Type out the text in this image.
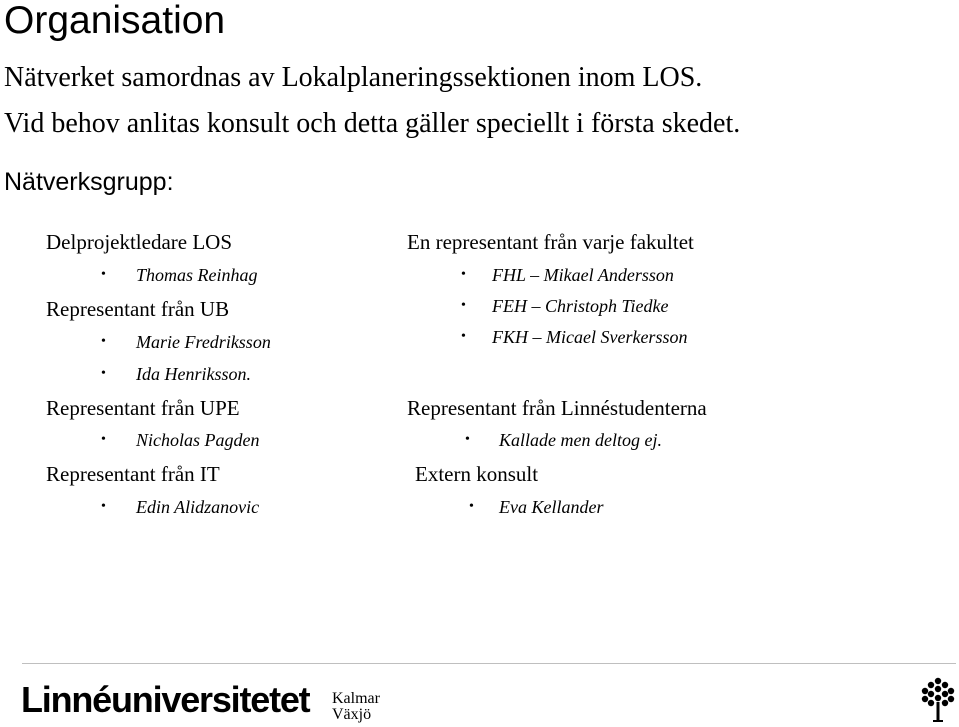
Organisation
Nätverket samordnas av Lokalplaneringssektionen inom LOS.
Vid behov anlitas konsult och detta gäller speciellt i första skedet.
Nätverksgrupp:
Delprojektledare LOS
• Thomas Reinhag
Representant från UB
• Marie Fredriksson
• Ida Henriksson.
Representant från UPE
• Nicholas Pagden
Representant från IT
• Edin Alidzanovic
En representant från varje fakultet
• FHL – Mikael Andersson
• FEH – Christoph Tiedke
• FKH – Micael Sverkersson
Representant från Linnéstudenterna
• Kallade men deltog ej.
Extern konsult
• Eva Kellander
Linnéuniversitetet Kalmar
Växjö
